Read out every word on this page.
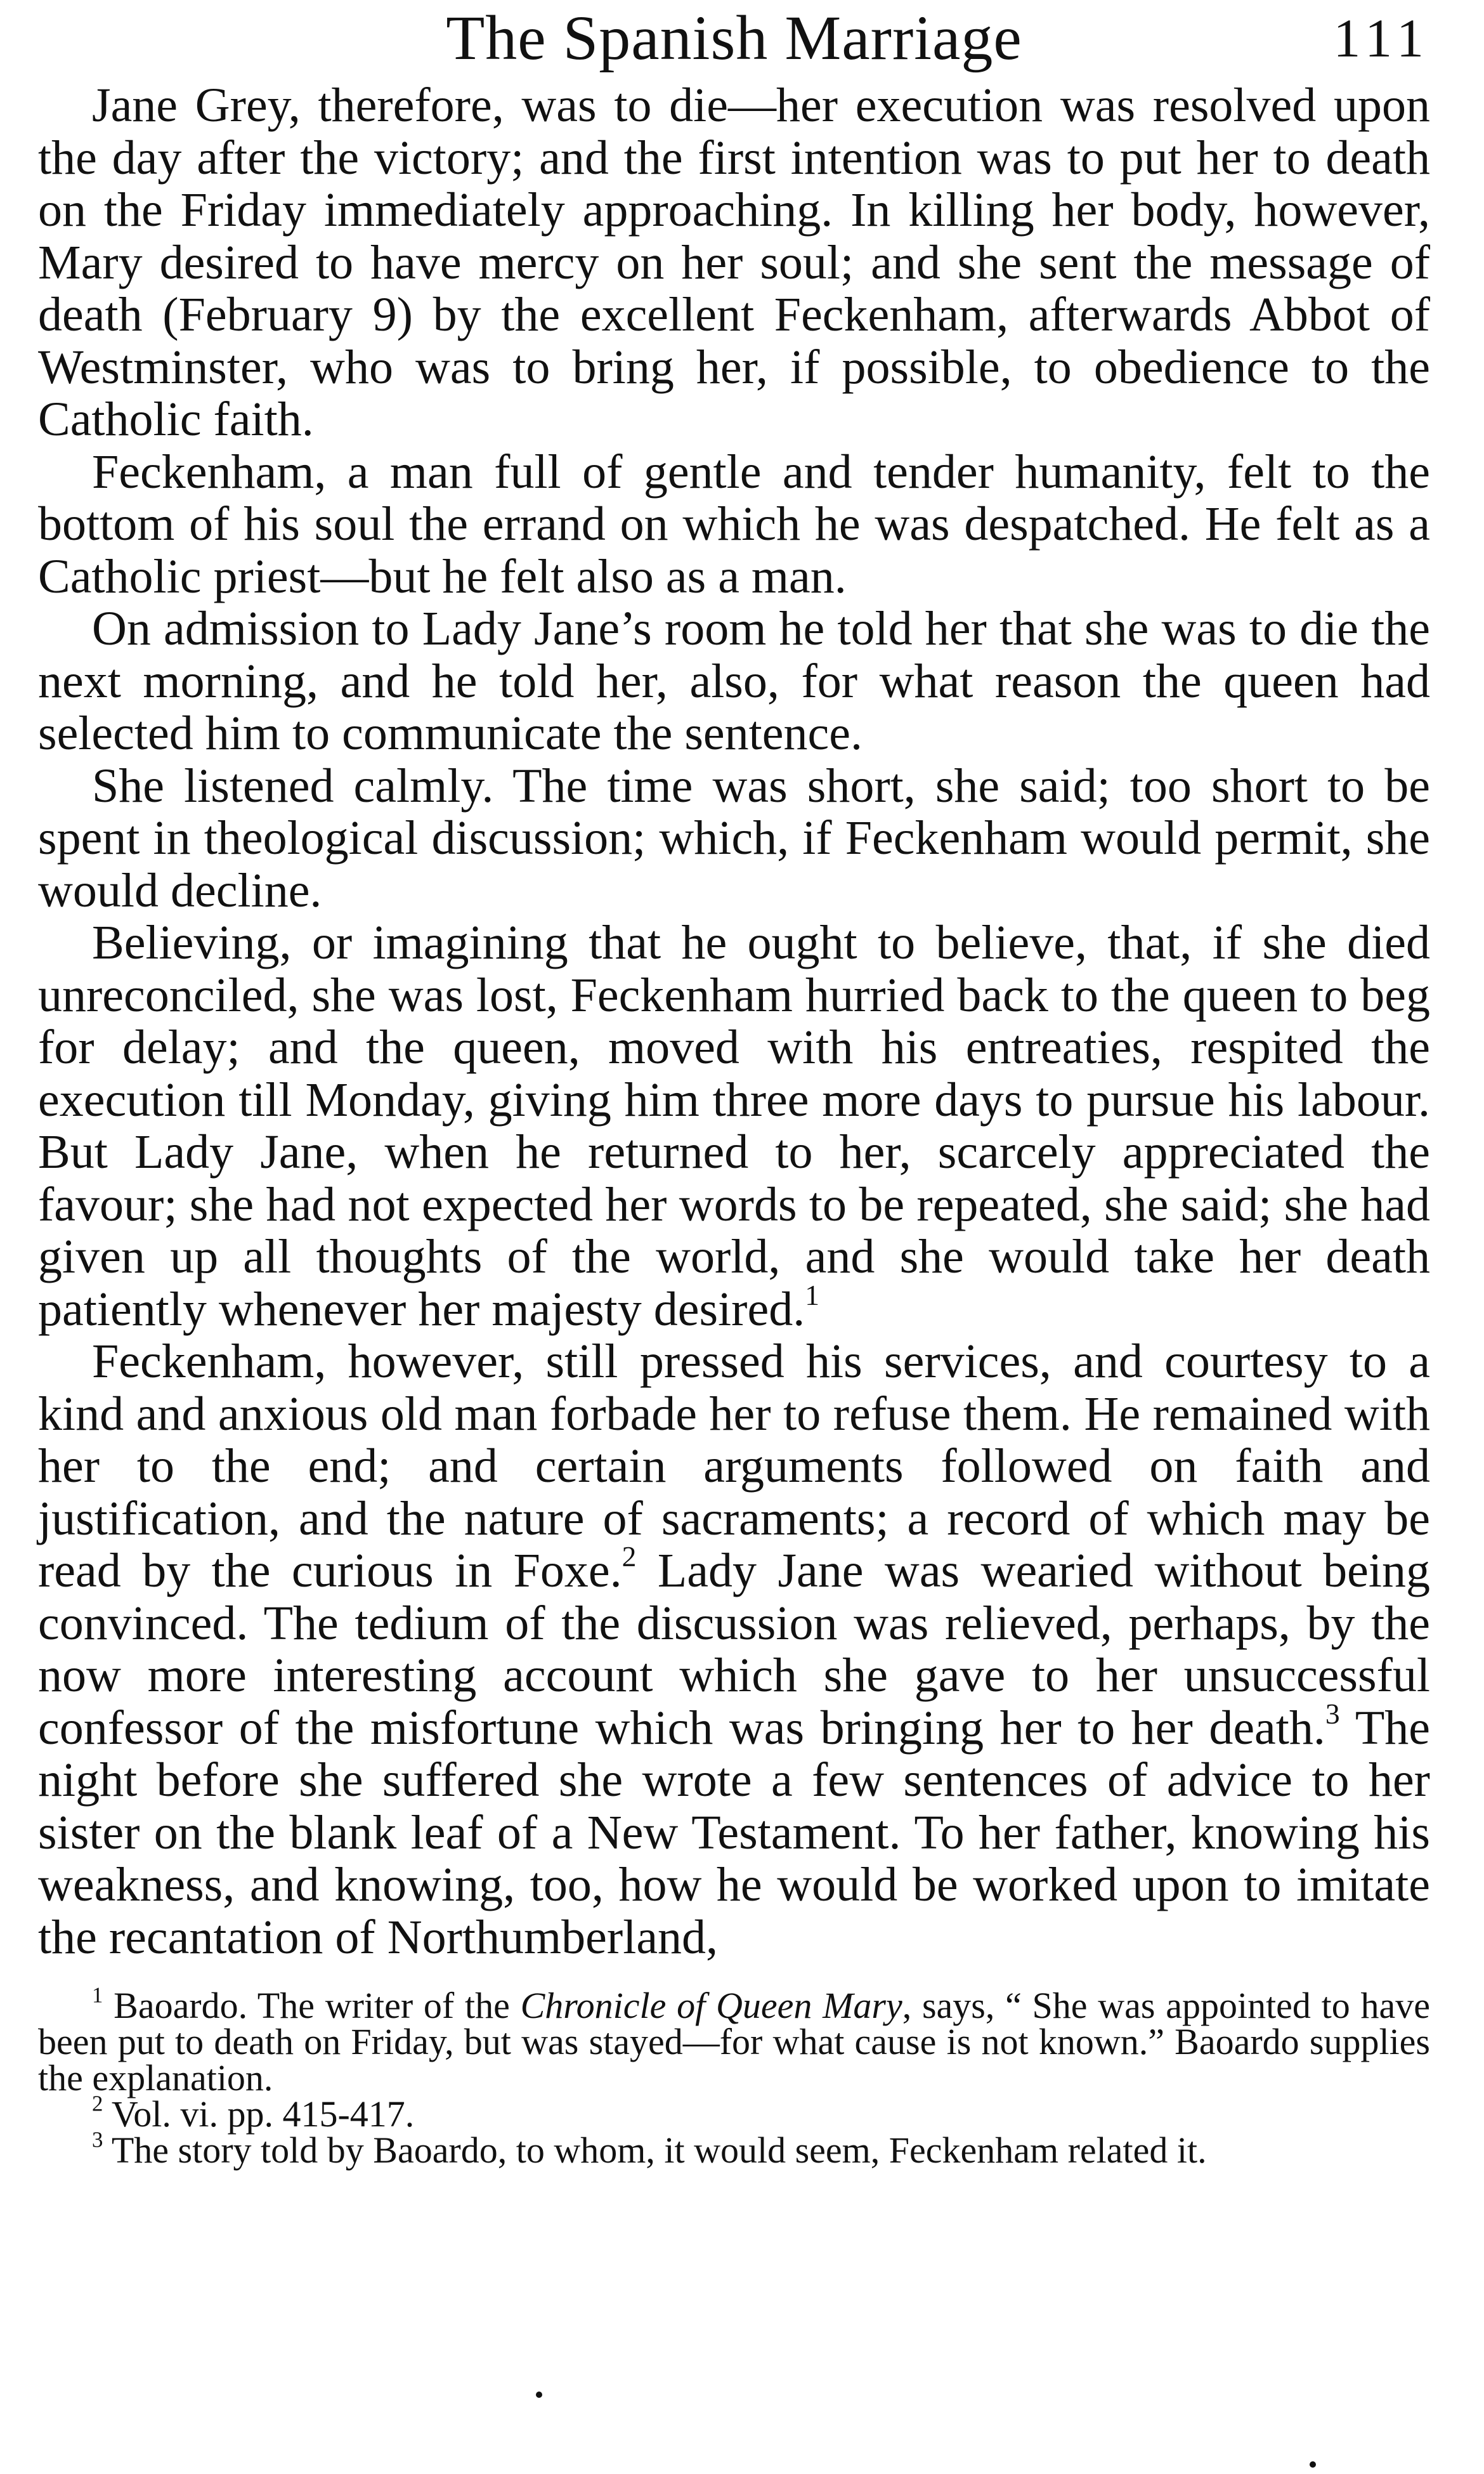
The Spanish Marriage	111

Jane Grey, therefore, was to die—her execution was resolved upon the day after the victory; and the first intention was to put her to death on the Friday immediately approaching. In killing her body, however, Mary desired to have mercy on her soul; and she sent the message of death (February 9) by the excellent Feckenham, afterwards Abbot of Westminster, who was to bring her, if possible, to obedience to the Catholic faith.

Feckenham, a man full of gentle and tender humanity, felt to the bottom of his soul the errand on which he was despatched. He felt as a Catholic priest—but he felt also as a man.

On admission to Lady Jane’s room he told her that she was to die the next morning, and he told her, also, for what reason the queen had selected him to communicate the sentence.

She listened calmly. The time was short, she said; too short to be spent in theological discussion; which, if Feckenham would permit, she would decline.

Believing, or imagining that he ought to believe, that, if she died unreconciled, she was lost, Feckenham hurried back to the queen to beg for delay; and the queen, moved with his entreaties, respited the execution till Monday, giving him three more days to pursue his labour. But Lady Jane, when he returned to her, scarcely appreciated the favour; she had not expected her words to be repeated, she said; she had given up all thoughts of the world, and she would take her death patiently whenever her majesty desired.$^1$

Feckenham, however, still pressed his services, and courtesy to a kind and anxious old man forbade her to refuse them. He remained with her to the end; and certain arguments followed on faith and justification, and the nature of sacraments; a record of which may be read by the curious in Foxe.$^2$ Lady Jane was wearied without being convinced. The tedium of the discussion was relieved, perhaps, by the now more interesting account which she gave to her unsuccessful confessor of the misfortune which was bringing her to her death.$^3$ The night before she suffered she wrote a few sentences of advice to her sister on the blank leaf of a New Testament. To her father, knowing his weakness, and knowing, too, how he would be worked upon to imitate the recantation of Northumberland,

$^1$ Baoardo. The writer of the Chronicle of Queen Mary, says, “ She was appointed to have been put to death on Friday, but was stayed—for what cause is not known.” Baoardo supplies the explanation.

$^2$ Vol. vi. pp. 415-417.

$^3$ The story told by Baoardo, to whom, it would seem, Feckenham related it.
